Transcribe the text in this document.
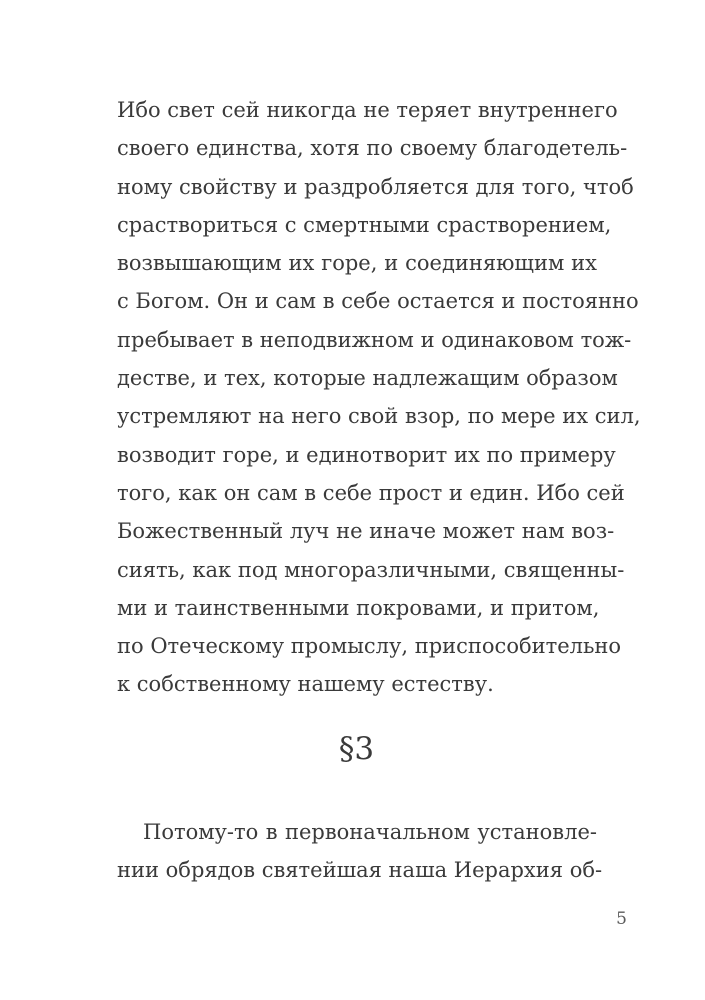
Ибо свет сей никогда не теряет внутреннего
своего единства, хотя по своему благодетель-
ному свойству и раздробляется для того, чтоб
сраствориться с смертными срастворением,
возвышающим их горе, и соединяющим их
с Богом. Он и сам в себе остается и постоянно
пребывает в неподвижном и одинаковом тож-
дестве, и тех, которые надлежащим образом
устремляют на него свой взор, по мере их сил,
возводит горе, и единотворит их по примеру
того, как он сам в себе прост и един. Ибо сей
Божественный луч не иначе может нам воз-
сиять, как под многоразличными, священны-
ми и таинственными покровами, и притом,
по Отеческому промыслу, приспособительно
к собственному нашему естеству.
§3
Потому-то в первоначальном установле-
нии обрядов святейшая наша Иерархия об-
5
